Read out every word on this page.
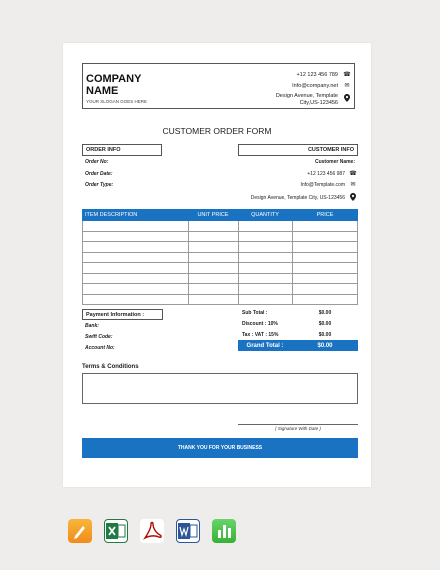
COMPANY NAME
YOUR SLOGAN GOES HERE
+12 123 456 789 ☎
Info@company.net ✉
Design Avenue, Template City,US-123456
CUSTOMER ORDER FORM
ORDER INFO	CUSTOMER INFO
Order No:
Order Date:
Order Type:
Customer Name:
+12 123 456 987 ☎
Info@Template.com ✉
Design Avenue, Template City, US-123456
ITEM DESCRIPTION	UNIT PRICE	QUANTITY	PRICE
Sub Total :	$0.00
Discount : 10%	$0.00
Tax : VAT : 15%	$0.00
Grand Total :	$0.00
Payment Information :
Bank:
Swift Code:
Account No:
Terms & Conditions
( Signature With Date )
THANK YOU FOR YOUR BUSINESS
